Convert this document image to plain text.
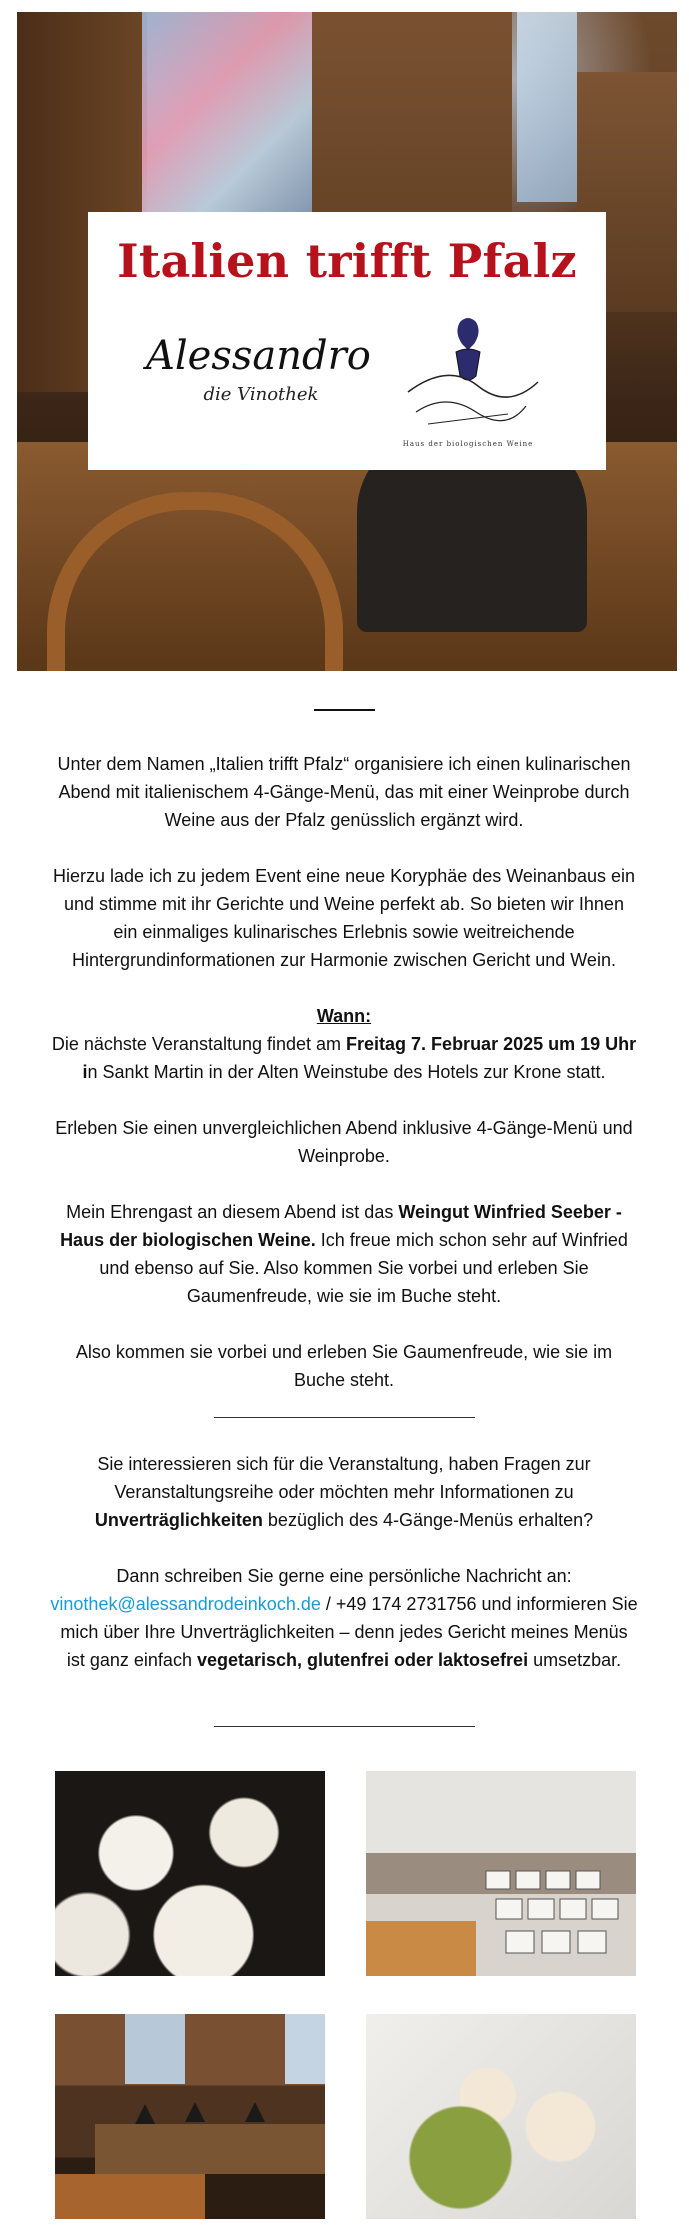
Italien trifft Pfalz
Alessandro
die Vinothek
Haus der biologischen Weine
Unter dem Namen „Italien trifft Pfalz“ organisiere ich einen kulinarischen Abend mit italienischem 4-Gänge-Menü, das mit einer Weinprobe durch Weine aus der Pfalz genüsslich ergänzt wird.
Hierzu lade ich zu jedem Event eine neue Koryphäe des Weinanbaus ein und stimme mit ihr Gerichte und Weine perfekt ab. So bieten wir Ihnen ein einmaliges kulinarisches Erlebnis sowie weitreichende Hintergrundinformationen zur Harmonie zwischen Gericht und Wein.
Wann:
Die nächste Veranstaltung findet am Freitag 7. Februar 2025 um 19 Uhr in Sankt Martin in der Alten Weinstube des Hotels zur Krone statt.
Erleben Sie einen unvergleichlichen Abend inklusive 4-Gänge-Menü und Weinprobe.
Mein Ehrengast an diesem Abend ist das Weingut Winfried Seeber - Haus der biologischen Weine. Ich freue mich schon sehr auf Winfried und ebenso auf Sie. Also kommen Sie vorbei und erleben Sie Gaumenfreude, wie sie im Buche steht.
Also kommen sie vorbei und erleben Sie Gaumenfreude, wie sie im Buche steht.
Sie interessieren sich für die Veranstaltung, haben Fragen zur Veranstaltungsreihe oder möchten mehr Informationen zu Unverträglichkeiten bezüglich des 4-Gänge-Menüs erhalten?
Dann schreiben Sie gerne eine persönliche Nachricht an:
vinothek@alessandrodeinkoch.de / +49 174 2731756 und informieren Sie mich über Ihre Unverträglichkeiten – denn jedes Gericht meines Menüs ist ganz einfach vegetarisch, glutenfrei oder laktosefrei umsetzbar.
